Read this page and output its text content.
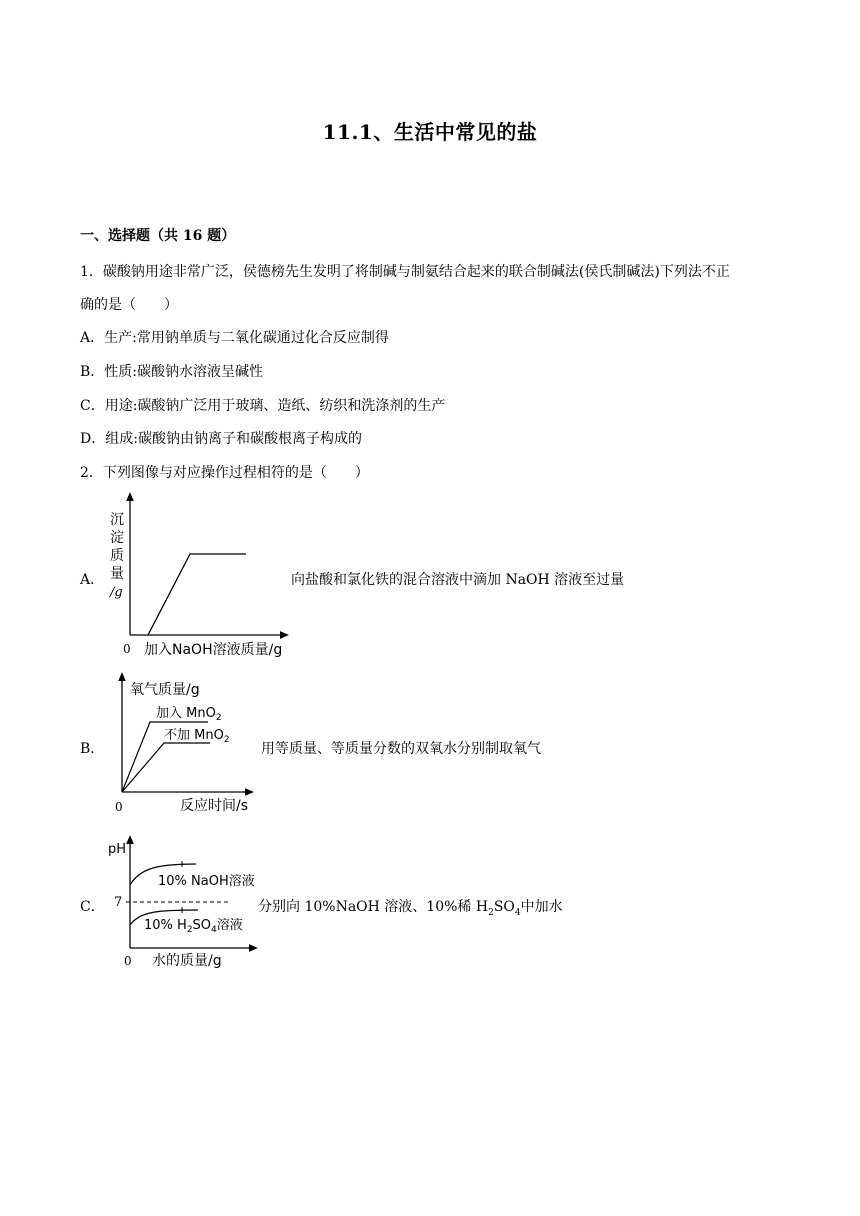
11.1、生活中常见的盐
一、选择题（共 16 题）
1．碳酸钠用途非常广泛，侯德榜先生发明了将制碱与制氨结合起来的联合制碱法(侯氏制碱法)下列法不正
确的是（　　）
A．生产:常用钠单质与二氧化碳通过化合反应制得
B．性质:碳酸钠水溶液呈碱性
C．用途:碳酸钠广泛用于玻璃、造纸、纺织和洗涤剂的生产
D．组成:碳酸钠由钠离子和碳酸根离子构成的
2．下列图像与对应操作过程相符的是（　　）
A．
沉
淀
质
量
/g
0 加入NaOH溶液质量/g
向盐酸和氯化铁的混合溶液中滴加 NaOH 溶液至过量
B．
氧气质量/g
加入 MnO$_2$
不加 MnO$_2$
0	反应时间/s
用等质量、等质量分数的双氧水分别制取氧气
C．
pH
7
10% NaOH溶液
10% $H_2SO_4$溶液
0 水的质量/g
分别向 10%NaOH 溶液、10%稀 $H_2SO_4$中加水
